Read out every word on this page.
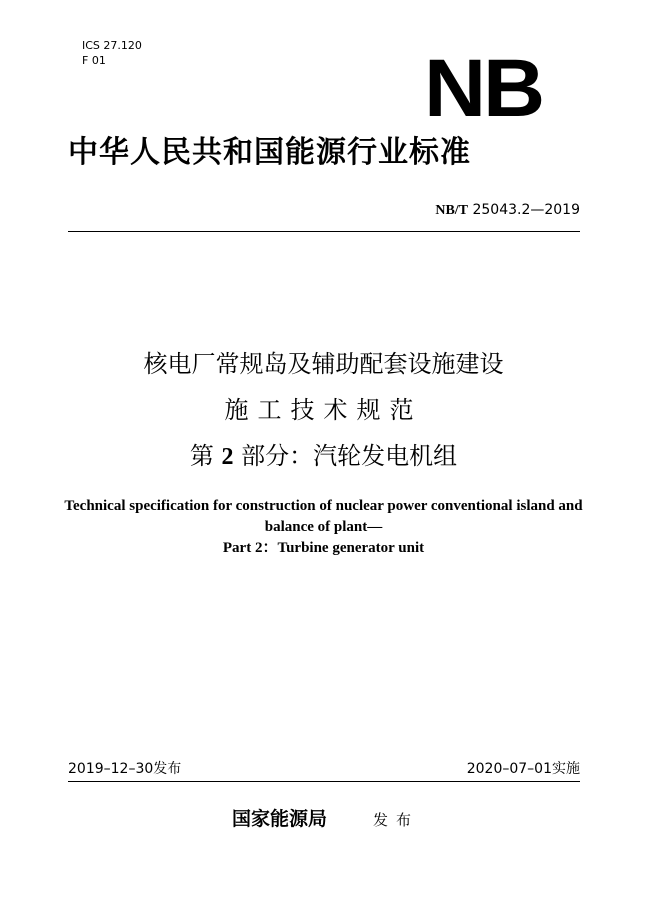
ICS 27.120
F 01	NB
中华人民共和国能源行业标准
NB/T 25043.2—2019
核电厂常规岛及辅助配套设施建设
施工技术规范
第 2 部分：汽轮发电机组
Technical specification for construction of nuclear power conventional island and
balance of plant—
Part 2：Turbine generator unit
2019–12–30发布	2020–07–01实施
国家能源局	发布
